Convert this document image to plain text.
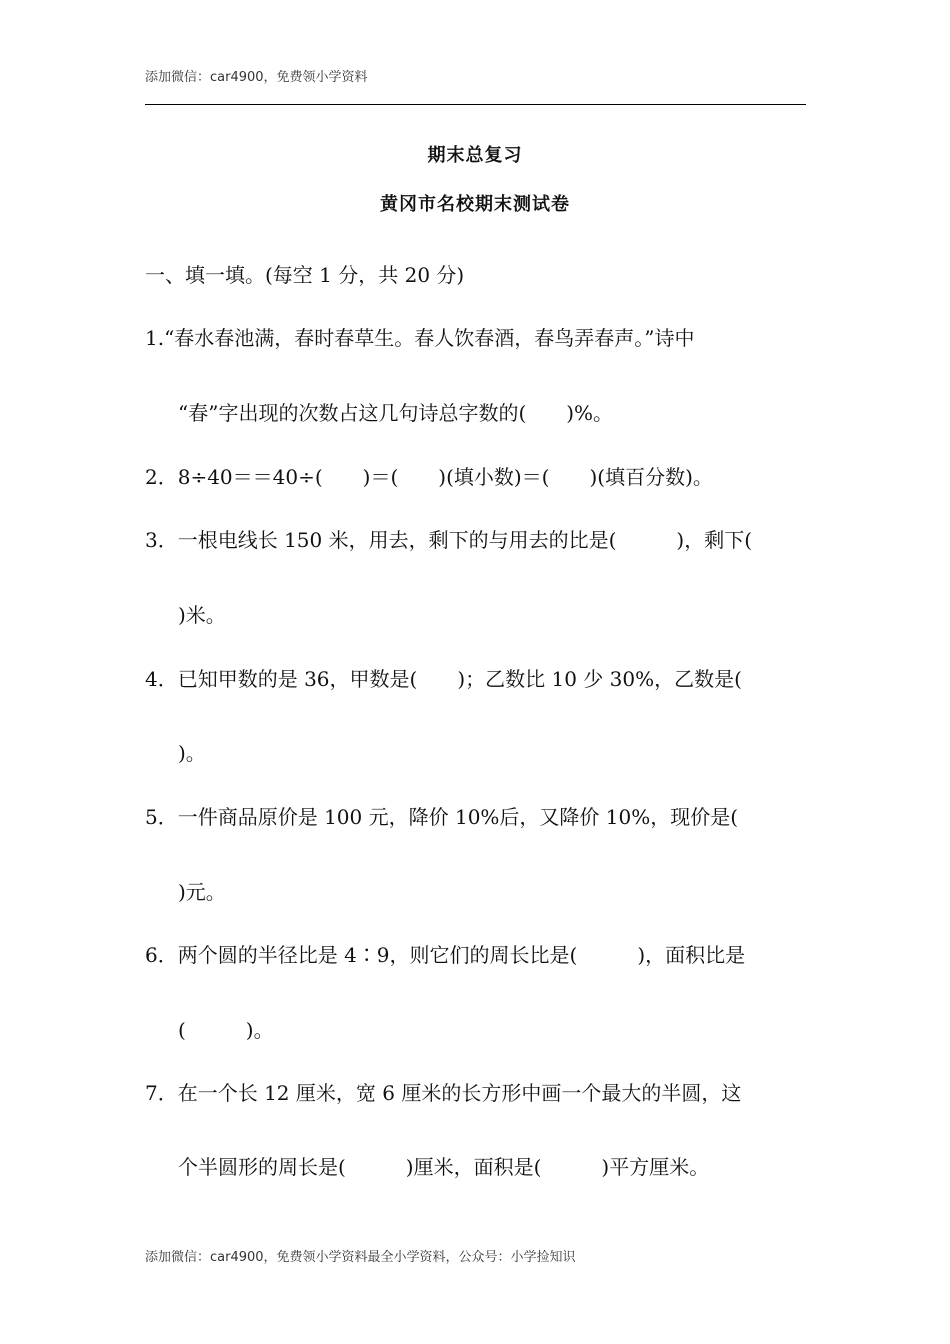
添加微信：car4900，免费领小学资料
期末总复习
黄冈市名校期末测试卷
一、填一填。(每空 1 分，共 20 分)
1.“春水春池满，春时春草生。春人饮春酒，春鸟弄春声。”诗中
“春”字出现的次数占这几句诗总字数的(　　)%。
2．8÷40＝＝40÷(　　)＝(　　)(填小数)＝(　　)(填百分数)。
3．一根电线长 150 米，用去，剩下的与用去的比是(　　　)，剩下(
)米。
4．已知甲数的是 36，甲数是(　　)；乙数比 10 少 30%，乙数是(
)。
5．一件商品原价是 100 元，降价 10%后，又降价 10%，现价是(
)元。
6．两个圆的半径比是 4∶9，则它们的周长比是(　　　)，面积比是
(　　　)。
7．在一个长 12 厘米，宽 6 厘米的长方形中画一个最大的半圆，这
个半圆形的周长是(　　　)厘米，面积是(　　　)平方厘米。
添加微信：car4900，免费领小学资料最全小学资料，公众号：小学捡知识
